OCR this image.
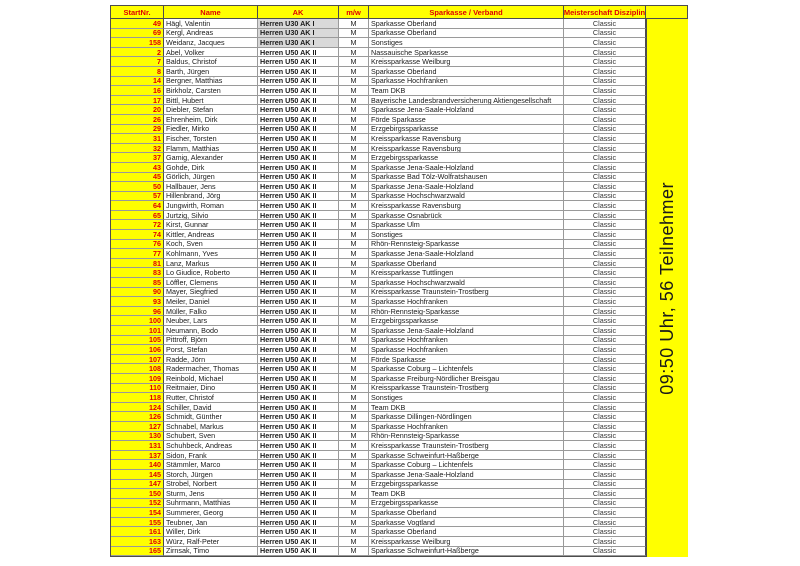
StartNr.	Name	AK	m/w	Sparkasse / Verband	Meisterschaft Disziplin
49 Hägl, Valentin	Herren U30 AK I	M	Sparkasse Oberland	Classic
69 Kergl, Andreas	Herren U30 AK I	M	Sparkasse Oberland	Classic
158 Weidanz, Jacques	Herren U30 AK I	M	Sonstiges	Classic
2 Abel, Volker	Herren U50 AK II	M	Nassauische Sparkasse	Classic
7 Baldus, Christof	Herren U50 AK II	M	Kreissparkasse Weilburg	Classic
8 Barth, Jürgen	Herren U50 AK II	M	Sparkasse Oberland	Classic
14 Bergner, Matthias	Herren U50 AK II	M	Sparkasse Hochfranken	Classic
16 Birkholz, Carsten	Herren U50 AK II	M	Team DKB	Classic
17 Bittl, Hubert	Herren U50 AK II	M	Bayerische Landesbrandversicherung Aktiengesellschaft	Classic
20 Diebler, Stefan	Herren U50 AK II	M	Sparkasse Jena-Saale-Holzland	Classic
26 Ehrenheim, Dirk	Herren U50 AK II	M	Förde Sparkasse	Classic
29 Fiedler, Mirko	Herren U50 AK II	M	Erzgebirgssparkasse	Classic
31 Fischer, Torsten	Herren U50 AK II	M	Kreissparkasse Ravensburg	Classic
32 Flamm, Matthias	Herren U50 AK II	M	Kreissparkasse Ravensburg	Classic
37 Gamig, Alexander	Herren U50 AK II	M	Erzgebirgssparkasse	Classic
43 Gohde, Dirk	Herren U50 AK II	M	Sparkasse Jena-Saale-Holzland	Classic
45 Görlich, Jürgen	Herren U50 AK II	M	Sparkasse Bad Tölz-Wolfratshausen	Classic
50 Hallbauer, Jens	Herren U50 AK II	M	Sparkasse Jena-Saale-Holzland	Classic
57 Hillenbrand, Jörg	Herren U50 AK II	M	Sparkasse Hochschwarzwald	Classic
64 Jungwirth, Roman	Herren U50 AK II	M	Kreissparkasse Ravensburg	Classic
65 Jurtzig, Silvio	Herren U50 AK II	M	Sparkasse Osnabrück	Classic
72 Kirst, Gunnar	Herren U50 AK II	M	Sparkasse Ulm	Classic
74 Kittler, Andreas	Herren U50 AK II	M	Sonstiges	Classic
76 Koch, Sven	Herren U50 AK II	M	Rhön-Rennsteig-Sparkasse	Classic
77 Kohlmann, Yves	Herren U50 AK II	M	Sparkasse Jena-Saale-Holzland	Classic
81 Lanz, Markus	Herren U50 AK II	M	Sparkasse Oberland	Classic
83 Lo Giudice, Roberto	Herren U50 AK II	M	Kreissparkasse Tuttlingen	Classic
85 Löffler, Clemens	Herren U50 AK II	M	Sparkasse Hochschwarzwald	Classic
90 Mayer, Siegfried	Herren U50 AK II	M	Kreissparkasse Traunstein-Trostberg	Classic
93 Meiler, Daniel	Herren U50 AK II	M	Sparkasse Hochfranken	Classic
96 Müller, Falko	Herren U50 AK II	M	Rhön-Rennsteig-Sparkasse	Classic
100 Neuber, Lars	Herren U50 AK II	M	Erzgebirgssparkasse	Classic
101 Neumann, Bodo	Herren U50 AK II	M	Sparkasse Jena-Saale-Holzland	Classic
105 Pittroff, Björn	Herren U50 AK II	M	Sparkasse Hochfranken	Classic
106 Porst, Stefan	Herren U50 AK II	M	Sparkasse Hochfranken	Classic
107 Radde, Jörn	Herren U50 AK II	M	Förde Sparkasse	Classic
108 Radermacher, Thomas	Herren U50 AK II	M	Sparkasse Coburg – Lichtenfels	Classic
109 Reinbold, Michael	Herren U50 AK II	M	Sparkasse Freiburg-Nördlicher Breisgau	Classic
110 Reitmaier, Dino	Herren U50 AK II	M	Kreissparkasse Traunstein-Trostberg	Classic
118 Rutter, Christof	Herren U50 AK II	M	Sonstiges	Classic
124 Schiller, David	Herren U50 AK II	M	Team DKB	Classic
126 Schmidt, Günther	Herren U50 AK II	M	Sparkasse Dillingen-Nördlingen	Classic
127 Schnabel, Markus	Herren U50 AK II	M	Sparkasse Hochfranken	Classic
130 Schubert, Sven	Herren U50 AK II	M	Rhön-Rennsteig-Sparkasse	Classic
131 Schuhbeck, Andreas	Herren U50 AK II	M	Kreissparkasse Traunstein-Trostberg	Classic
137 Sidon, Frank	Herren U50 AK II	M	Sparkasse Schweinfurt-Haßberge	Classic
140 Stämmler, Marco	Herren U50 AK II	M	Sparkasse Coburg – Lichtenfels	Classic
145 Storch, Jürgen	Herren U50 AK II	M	Sparkasse Jena-Saale-Holzland	Classic
147 Strobel, Norbert	Herren U50 AK II	M	Erzgebirgssparkasse	Classic
150 Sturm, Jens	Herren U50 AK II	M	Team DKB	Classic
152 Suhrmann, Matthias	Herren U50 AK II	M	Erzgebirgssparkasse	Classic
154 Summerer, Georg	Herren U50 AK II	M	Sparkasse Oberland	Classic
155 Teubner, Jan	Herren U50 AK II	M	Sparkasse Vogtland	Classic
161 Willer, Dirk	Herren U50 AK II	M	Sparkasse Oberland	Classic
163 Würz, Ralf-Peter	Herren U50 AK II	M	Kreissparkasse Weilburg	Classic
165 Zirnsak, Timo	Herren U50 AK II	M	Sparkasse Schweinfurt-Haßberge	Classic
09:50 Uhr, 56 Teilnehmer
